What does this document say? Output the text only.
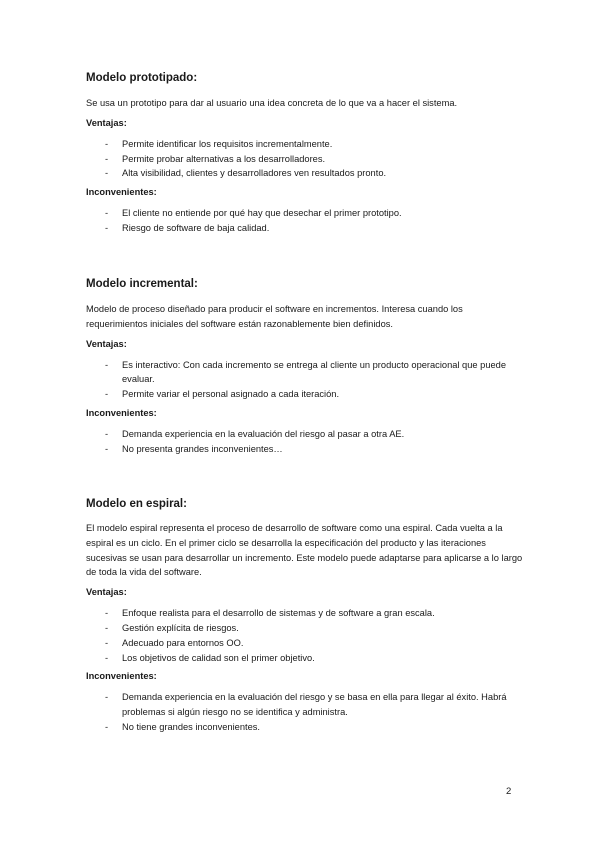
Modelo prototipado:

Se usa un prototipo para dar al usuario una idea concreta de lo que va a hacer el sistema.

Ventajas:

- Permite identificar los requisitos incrementalmente.
- Permite probar alternativas a los desarrolladores.
- Alta visibilidad, clientes y desarrolladores ven resultados pronto.

Inconvenientes:

- El cliente no entiende por qué hay que desechar el primer prototipo.
- Riesgo de software de baja calidad.

Modelo incremental:

Modelo de proceso diseñado para producir el software en incrementos. Interesa cuando los requerimientos iniciales del software están razonablemente bien definidos.

Ventajas:

- Es interactivo: Con cada incremento se entrega al cliente un producto operacional que puede evaluar.
- Permite variar el personal asignado a cada iteración.

Inconvenientes:

- Demanda experiencia en la evaluación del riesgo al pasar a otra AE.
- No presenta grandes inconvenientes…

Modelo en espiral:

El modelo espiral representa el proceso de desarrollo de software como una espiral. Cada vuelta a la espiral es un ciclo. En el primer ciclo se desarrolla la especificación del producto y las iteraciones sucesivas se usan para desarrollar un incremento. Este modelo puede adaptarse para aplicarse a lo largo de toda la vida del software.

Ventajas:

- Enfoque realista para el desarrollo de sistemas y de software a gran escala.
- Gestión explícita de riesgos.
- Adecuado para entornos OO.
- Los objetivos de calidad son el primer objetivo.

Inconvenientes:

- Demanda experiencia en la evaluación del riesgo y se basa en ella para llegar al éxito. Habrá problemas si algún riesgo no se identifica y administra.
- No tiene grandes inconvenientes.
2
